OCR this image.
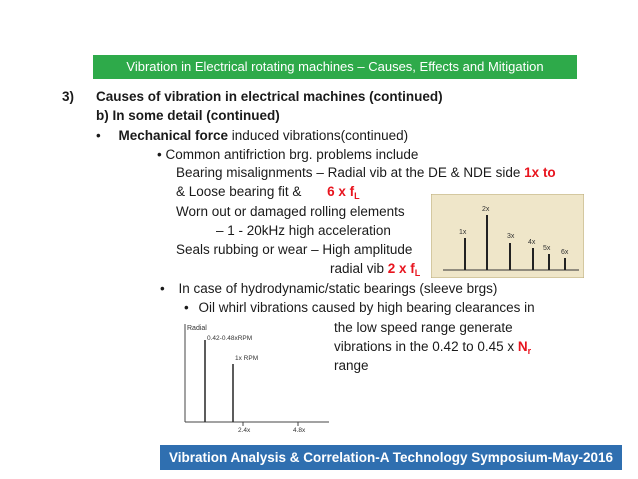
Vibration in Electrical rotating machines – Causes, Effects and Mitigation
3) Causes of vibration in electrical machines (continued)
b) In some detail (continued)
• Mechanical force induced vibrations(continued)
• Common antifriction brg. problems include
Bearing misalignments – Radial vib at the DE & NDE side 1x to
& Loose bearing fit & 6 x $f_L$
Worn out or damaged rolling elements
– 1 - 20kHz high acceleration
Seals rubbing or wear – High amplitude
radial vib 2 x $f_L$
• In case of hydrodynamic/static bearings (sleeve brgs)
• Oil whirl vibrations caused by high bearing clearances in
the low speed range generate
vibrations in the 0.42 to 0.45 x $N_r$
range
1x
2x
3x
4x
5x
6x
Radial
0.42-0.48xRPM
1x RPM
2.4x	4.8x
Vibration Analysis & Correlation-A Technology Symposium-May-2016
